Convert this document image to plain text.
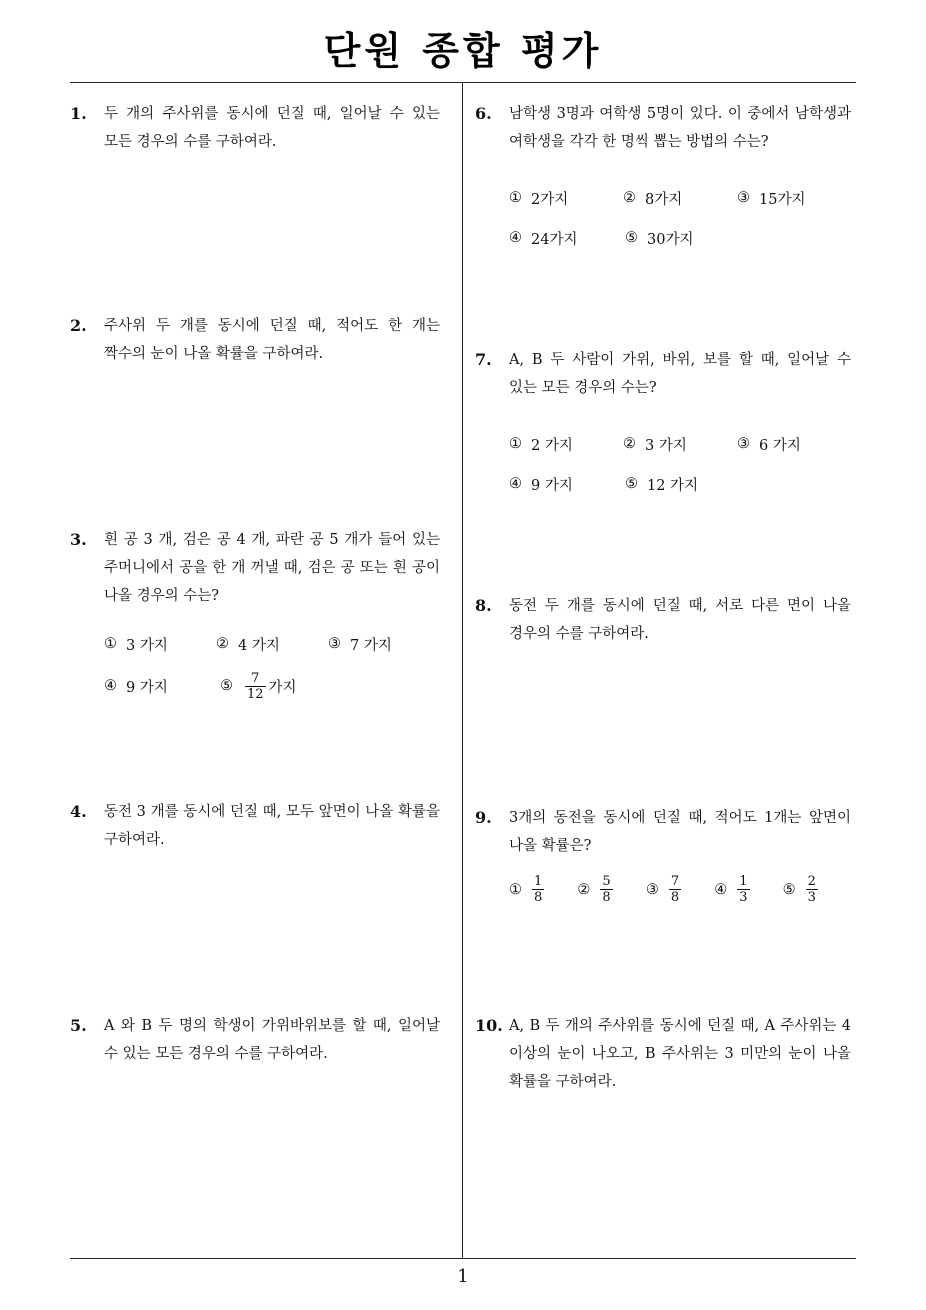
단원 종합 평가
1.	두 개의 주사위를 동시에 던질 때, 일어날 수 있는 모든 경우의 수를 구하여라.
2.	주사위 두 개를 동시에 던질 때, 적어도 한 개는 짝수의 눈이 나올 확률을 구하여라.
3.	흰 공 3 개, 검은 공 4 개, 파란 공 5 개가 들어 있는 주머니에서 공을 한 개 꺼낼 때, 검은 공 또는 흰 공이 나올 경우의 수는?
① 3 가지	② 4 가지	③ 7 가지
④ 9 가지	⑤ $\frac{7}{12}$ 가지
4.	동전 3 개를 동시에 던질 때, 모두 앞면이 나올 확률을 구하여라.
5.	A 와 B 두 명의 학생이 가위바위보를 할 때, 일어날 수 있는 모든 경우의 수를 구하여라.
6.	남학생 3명과 여학생 5명이 있다. 이 중에서 남학생과 여학생을 각각 한 명씩 뽑는 방법의 수는?
① 2가지	② 8가지	③ 15가지
④ 24가지	⑤ 30가지
7.	A, B 두 사람이 가위, 바위, 보를 할 때, 일어날 수 있는 모든 경우의 수는?
① 2 가지	② 3 가지	③ 6 가지
④ 9 가지	⑤ 12 가지
8.	동전 두 개를 동시에 던질 때, 서로 다른 면이 나올 경우의 수를 구하여라.
9.	3개의 동전을 동시에 던질 때, 적어도 1개는 앞면이 나올 확률은?
① $\frac{1}{8}$ ② $\frac{5}{8}$ ③ $\frac{7}{8}$ ④ $\frac{1}{3}$ ⑤ $\frac{2}{3}$
10. A, B 두 개의 주사위를 동시에 던질 때, A 주사위는 4 이상의 눈이 나오고, B 주사위는 3 미만의 눈이 나올 확률을 구하여라.
1
